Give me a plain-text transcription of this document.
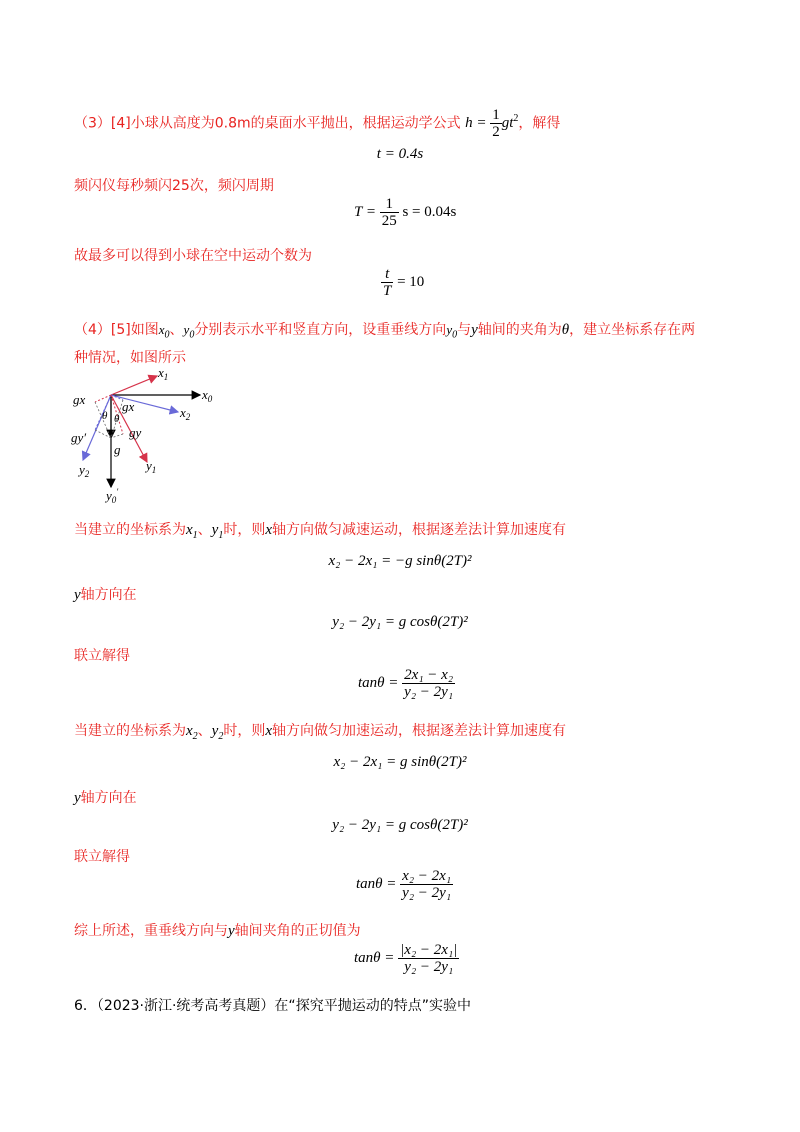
（3）[4]小球从高度为0.8m的桌面水平抛出，根据运动学公式 $h = \frac{1}{2} gt^2$，解得
t = 0.4s
频闪仪每秒频闪25次，频闪周期
$T = \frac{1}{25}$ s = 0.04s
故最多可以得到小球在空中运动个数为
$\frac{t}{T} = 10$
（4）[5]如图$x_0$、$y_0$分别表示水平和竖直方向，设重垂线方向$y_0$与y轴间的夹角为θ，建立坐标系存在两
种情况，如图所示
$x_1$
$x_0$
$x_2$
gx	gx
gy′	gy
θ θ
g
$y_2$
$y_1$
$y_0'$
当建立的坐标系为$x_1$、$y_1$时，则x轴方向做匀减速运动，根据逐差法计算加速度有
x₂ − 2x₁ = −g sinθ(2T)²
y轴方向在
y₂ − 2y₁ = g cosθ(2T)²
联立解得
$\tan\theta = \frac{\text{2x₁ − x₂}}{\text{y₂ − 2y₁}}$
当建立的坐标系为$x_2$、$y_2$时，则x轴方向做匀加速运动，根据逐差法计算加速度有
x₂ − 2x₁ = g sinθ(2T)²
y轴方向在
y₂ − 2y₁ = g cosθ(2T)²
联立解得
$\tan\theta = \frac{\text{x₂ − 2x₁}}{\text{y₂ − 2y₁}}$
综上所述，重垂线方向与y轴间夹角的正切值为
$\tan\theta = \frac{\text{|x₂ − 2x₁|}}{\text{y₂ − 2y₁}}$
6．（2023·浙江·统考高考真题）在“探究平抛运动的特点”实验中
